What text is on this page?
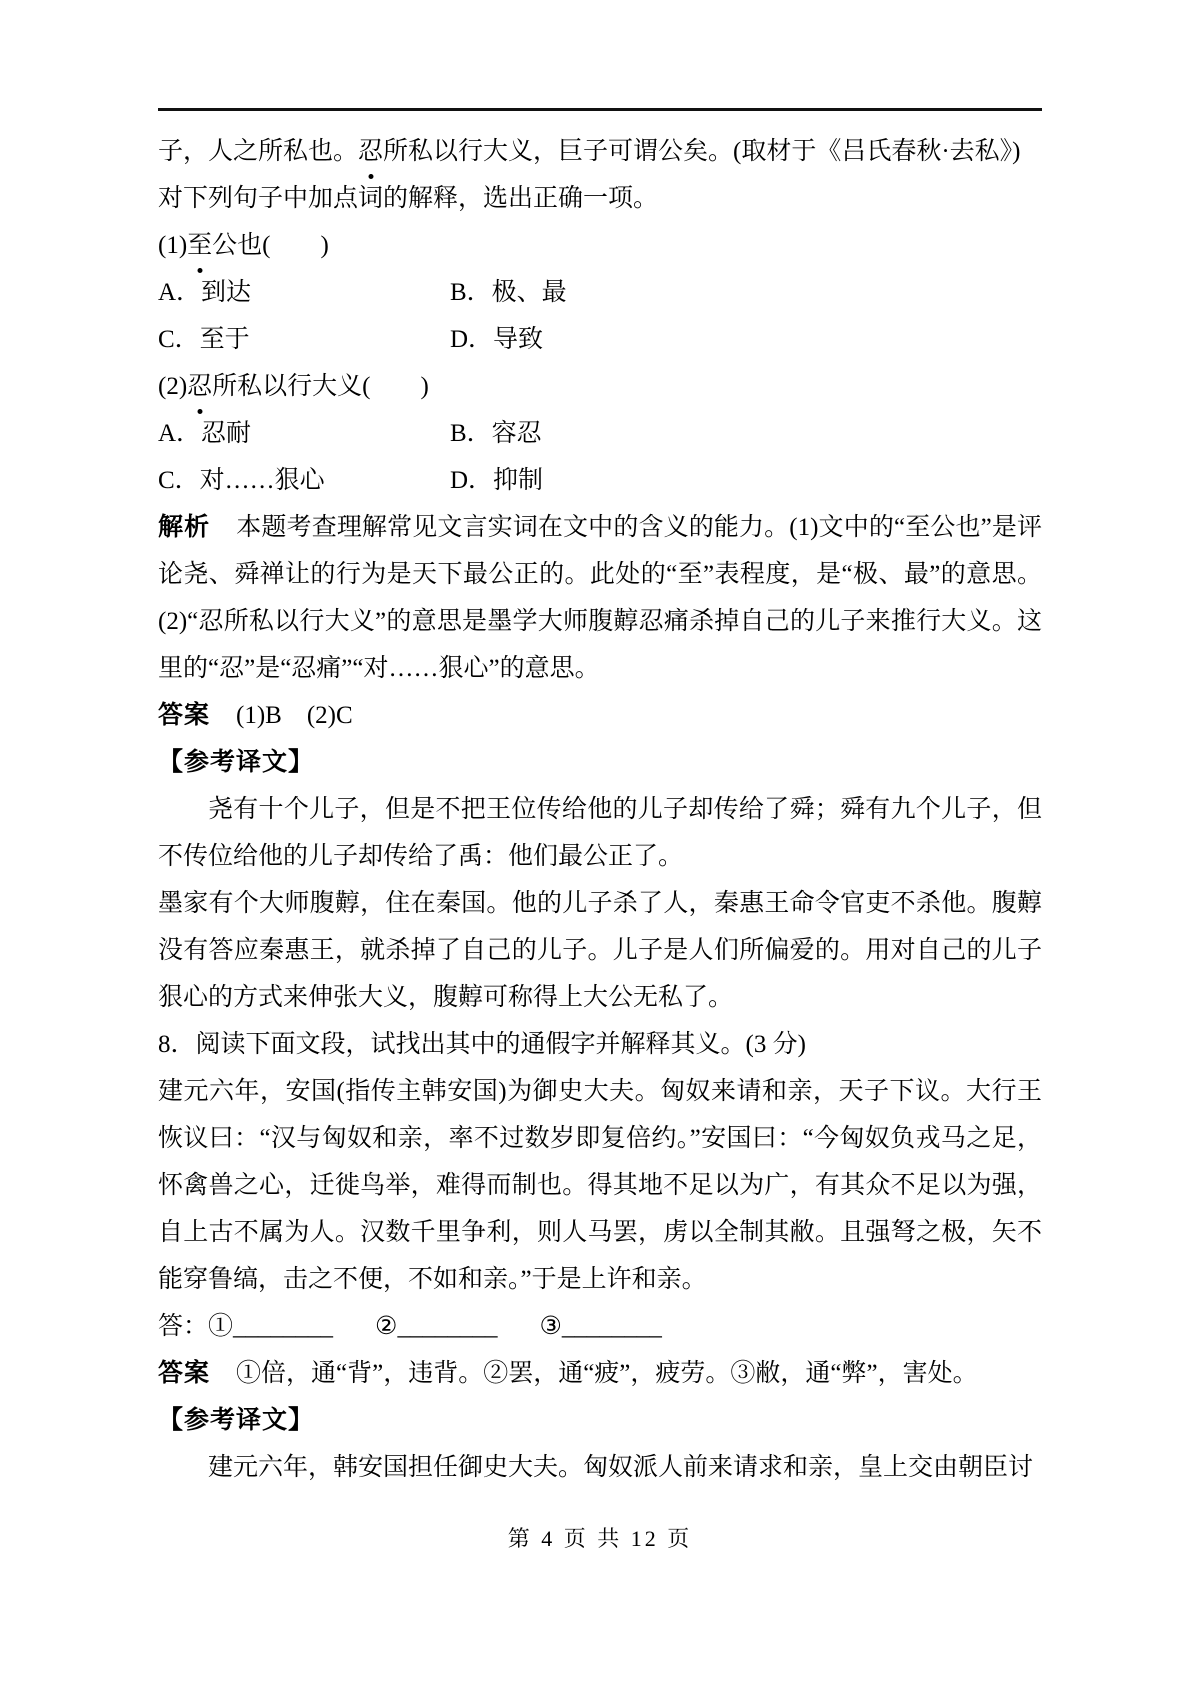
子，人之所私也。忍所私以行大义，巨子可谓公矣。(取材于《吕氏春秋·去私》)

对下列句子中加点词的解释，选出正确一项。

(1)至公也(　　)

A．到达	B．极、最
C．至于	D．导致

(2)忍所私以行大义(　　)

A．忍耐	B．容忍
C．对……狠心	D．抑制

解析 本题考查理解常见文言实词在文中的含义的能力。(1)文中的“至公也”是评论尧、舜禅让的行为是天下最公正的。此处的“至”表程度，是“极、最”的意思。(2)“忍所私以行大义”的意思是墨学大师腹䵍忍痛杀掉自己的儿子来推行大义。这里的“忍”是“忍痛”“对……狠心”的意思。

答案 (1)B　(2)C

【参考译文】

尧有十个儿子，但是不把王位传给他的儿子却传给了舜；舜有九个儿子，但不传位给他的儿子却传给了禹：他们最公正了。

墨家有个大师腹䵍，住在秦国。他的儿子杀了人，秦惠王命令官吏不杀他。腹䵍没有答应秦惠王，就杀掉了自己的儿子。儿子是人们所偏爱的。用对自己的儿子狠心的方式来伸张大义，腹䵍可称得上大公无私了。

8．阅读下面文段，试找出其中的通假字并解释其义。(3 分)

建元六年，安国(指传主韩安国)为御史大夫。匈奴来请和亲，天子下议。大行王恢议曰：“汉与匈奴和亲，率不过数岁即复倍约。”安国曰：“今匈奴负戎马之足，怀禽兽之心，迁徙鸟举，难得而制也。得其地不足以为广，有其众不足以为强，自上古不属为人。汉数千里争利，则人马罢，虏以全制其敝。且强弩之极，矢不能穿鲁缟，击之不便，不如和亲。”于是上许和亲。

答：①________ ②________ ③________

答案 ①倍，通“背”，违背。②罢，通“疲”，疲劳。③敝，通“弊”，害处。

【参考译文】

建元六年，韩安国担任御史大夫。匈奴派人前来请求和亲，皇上交由朝臣讨

第 4 页 共 12 页
